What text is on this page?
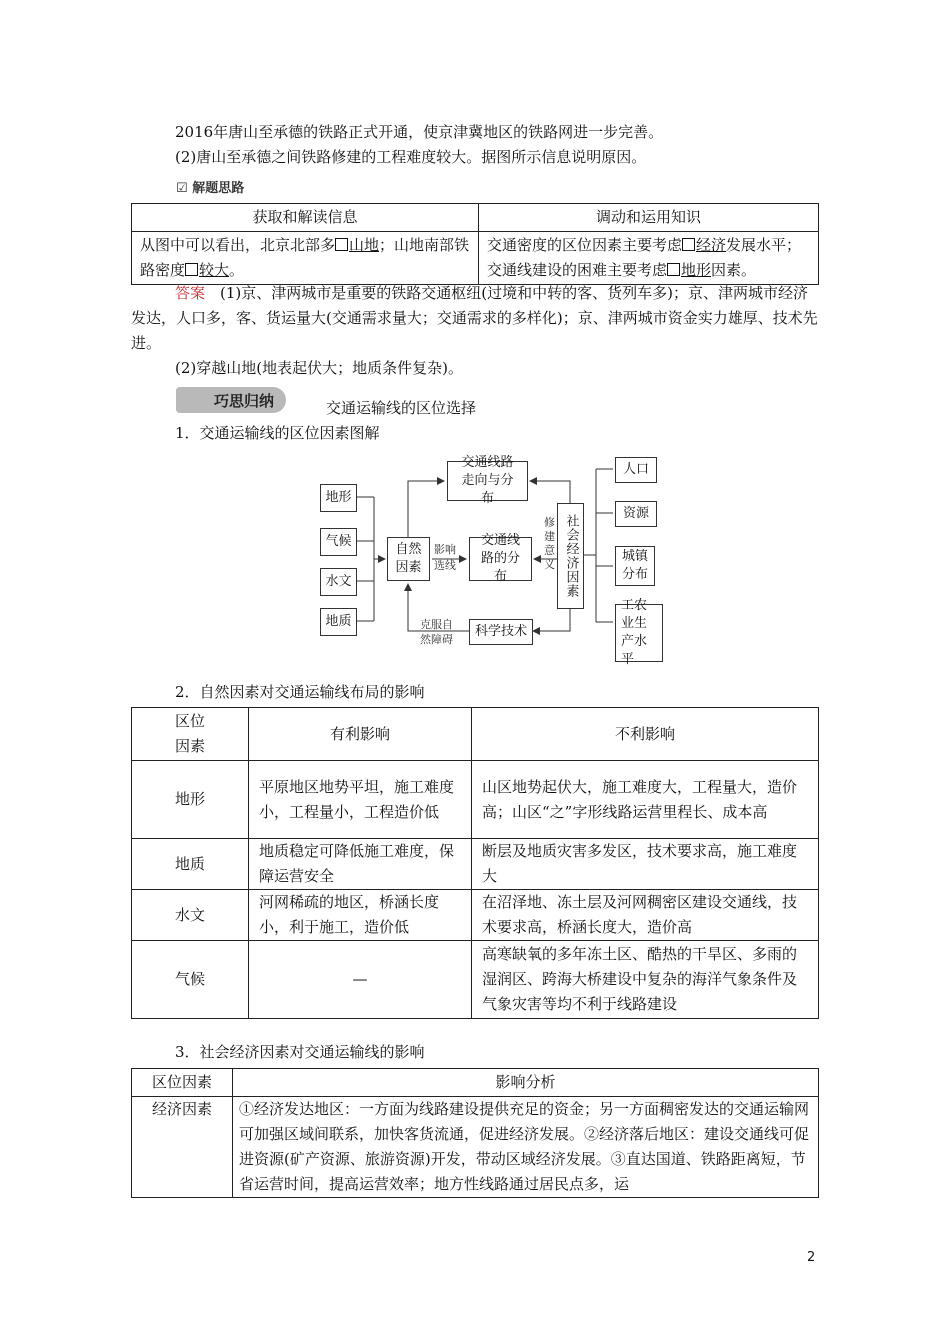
2016年唐山至承德的铁路正式开通，使京津冀地区的铁路网进一步完善。

(2)唐山至承德之间铁路修建的工程难度较大。据图所示信息说明原因。

☑ 解题思路
获取和解读信息	调动和运用知识
从图中可以看出，北京北部多 山地；山地南部铁路密度 较大。	交通密度的区位因素主要考虑 经济发展水平；交通线建设的困难主要考虑 地形因素。

答案　 (1)京、津两城市是重要的铁路交通枢纽(过境和中转的客、货列车多)；京、津两城市经济发达，人口多，客、货运量大(交通需求量大；交通需求的多样化)；京、津两城市资金实力雄厚、技术先进。

(2)穿越山地(地表起伏大；地质条件复杂)。

巧思归纳	交通运输线的区位选择

1．交通运输线的区位因素图解

地形
气候
水文
地质
自然因素
交通线路走向与分布
交通线路的分布
科学技术
社会经济因素
人口
资源
城镇分布
工农业生产水平
影响
选线
修建意义
克服自
然障碍

2．自然因素对交通运输线布局的影响

区位因素	有利影响	不利影响
地形	平原地区地势平坦，施工难度小，工程量小，工程造价低	山区地势起伏大，施工难度大，工程量大，造价高；山区“之”字形线路运营里程长、成本高
地质	地质稳定可降低施工难度，保障运营安全	断层及地质灾害多发区，技术要求高，施工难度大
水文	河网稀疏的地区，桥涵长度小，利于施工，造价低	在沼泽地、冻土层及河网稠密区建设交通线，技术要求高，桥涵长度大，造价高
气候	—	高寒缺氧的多年冻土区、酷热的干旱区、多雨的湿润区、跨海大桥建设中复杂的海洋气象条件及气象灾害等均不利于线路建设

3．社会经济因素对交通运输线的影响

区位因素	影响分析
经济因素	①经济发达地区：一方面为线路建设提供充足的资金；另一方面稠密发达的交通运输网可加强区域间联系，加快客货流通，促进经济发展。②经济落后地区：建设交通线可促进资源(矿产资源、旅游资源)开发，带动区域经济发展。③直达国道、铁路距离短，节省运营时间，提高运营效率；地方性线路通过居民点多，运
2
